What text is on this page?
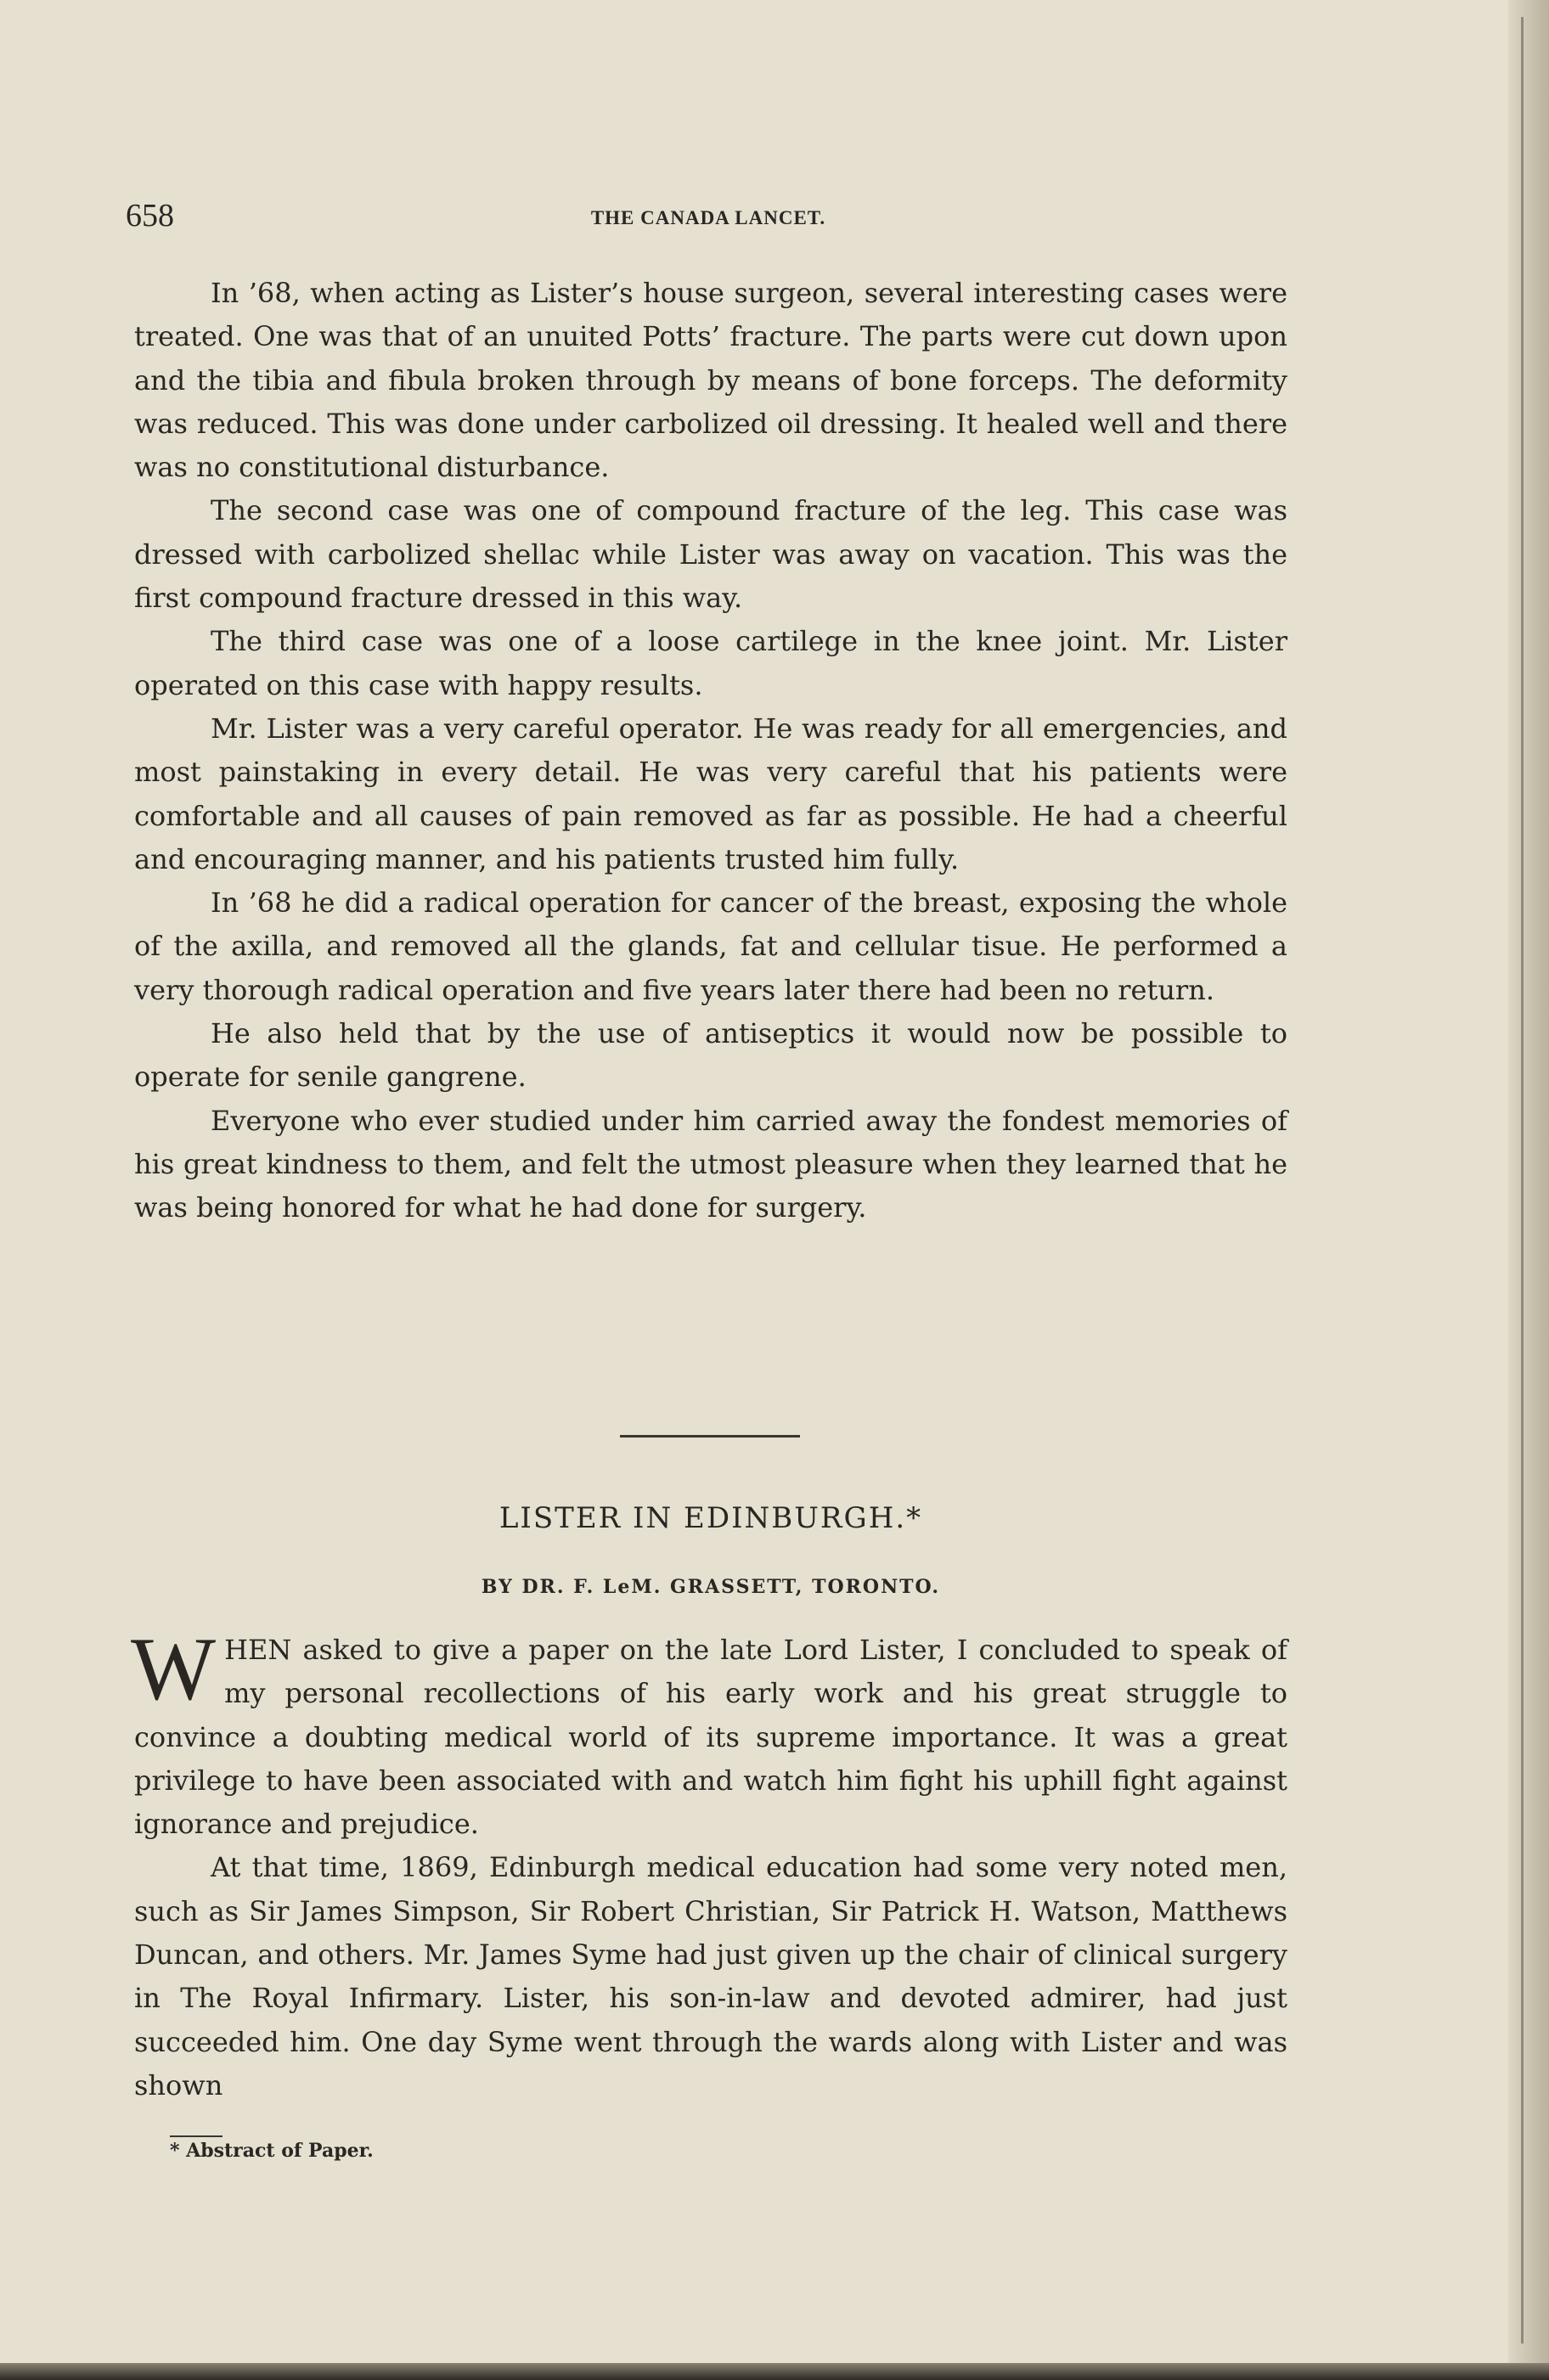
658	THE CANADA LANCET.

In ’68, when acting as Lister’s house surgeon, several interesting cases were treated. One was that of an unuited Potts’ fracture. The parts were cut down upon and the tibia and fibula broken through by means of bone forceps. The deformity was reduced. This was done under carbolized oil dressing. It healed well and there was no constitutional disturbance.

The second case was one of compound fracture of the leg. This case was dressed with carbolized shellac while Lister was away on vacation. This was the first compound fracture dressed in this way.

The third case was one of a loose cartilege in the knee joint. Mr. Lister operated on this case with happy results.

Mr. Lister was a very careful operator. He was ready for all emergencies, and most painstaking in every detail. He was very careful that his patients were comfortable and all causes of pain removed as far as possible. He had a cheerful and encouraging manner, and his patients trusted him fully.

In ’68 he did a radical operation for cancer of the breast, exposing the whole of the axilla, and removed all the glands, fat and cellular tisue. He performed a very thorough radical operation and five years later there had been no return.

He also held that by the use of antiseptics it would now be possible to operate for senile gangrene.

Everyone who ever studied under him carried away the fondest memories of his great kindness to them, and felt the utmost pleasure when they learned that he was being honored for what he had done for surgery.

LISTER IN EDINBURGH.*
BY DR. F. LeM. GRASSETT, TORONTO.

WHEN asked to give a paper on the late Lord Lister, I concluded to speak of my personal recollections of his early work and his great struggle to convince a doubting medical world of its supreme importance. It was a great privilege to have been associated with and watch him fight his uphill fight against ignorance and prejudice.

At that time, 1869, Edinburgh medical education had some very noted men, such as Sir James Simpson, Sir Robert Christian, Sir Patrick H. Watson, Matthews Duncan, and others. Mr. James Syme had just given up the chair of clinical surgery in The Royal Infirmary. Lister, his son-in-law and devoted admirer, had just succeeded him. One day Syme went through the wards along with Lister and was shown

* Abstract of Paper.
